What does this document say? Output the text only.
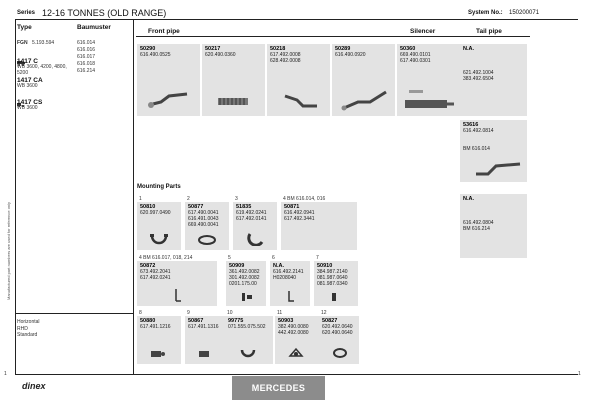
Series 12-16 TONNES (OLD RANGE)	System No.: 150200071
Manufactured part numbers are used for reference only
1	1
Type	Baumuster
FGN 5.193.594
1417 C
WB 3600, 4200, 4800, 5200
1417 CA
WB 3600
1417 CS
WB 3600
616.014
616.016
616.017
616.018
616.214
Horizontal
RHD
Standard
Front pipe	Silencer	Tail pipe
50290
616.490.0525
50217
620.490.0360
50218
617.492.0008
628.492.0008
50289
616.490.0920
50360
669.490.0101
617.490.0301
N.A.
621.492.1004
383.492.6504
53616
616.492.0814
BM 616.014
N.A.
616.492.0804
BM 616.214
Mounting Parts
1
50810
620.997.0490
2
50877
617.490.0041
616.491.0043
669.490.0041
3
51835
619.492.0241
617.492.0141
4 BM 616.014, 016
50871
616.492.0941
617.492.3441
4 BM 616.017, 018, 214
50872
673.492.2041
617.492.0241
5
50909
361.492.0082
301.492.0082
0201.175.00
6
N.A.
616.492.2141
H0208040
7
50910
384.987.2140
081.987.0640
081.987.0340
8
50880
617.491.1216
9
50867
617.491.1316
10
99775
071.555.075.502
11
50903
382.490.0080
442.492.0080
12
50827
620.492.0640
620.490.0640
dinex	MERCEDES
